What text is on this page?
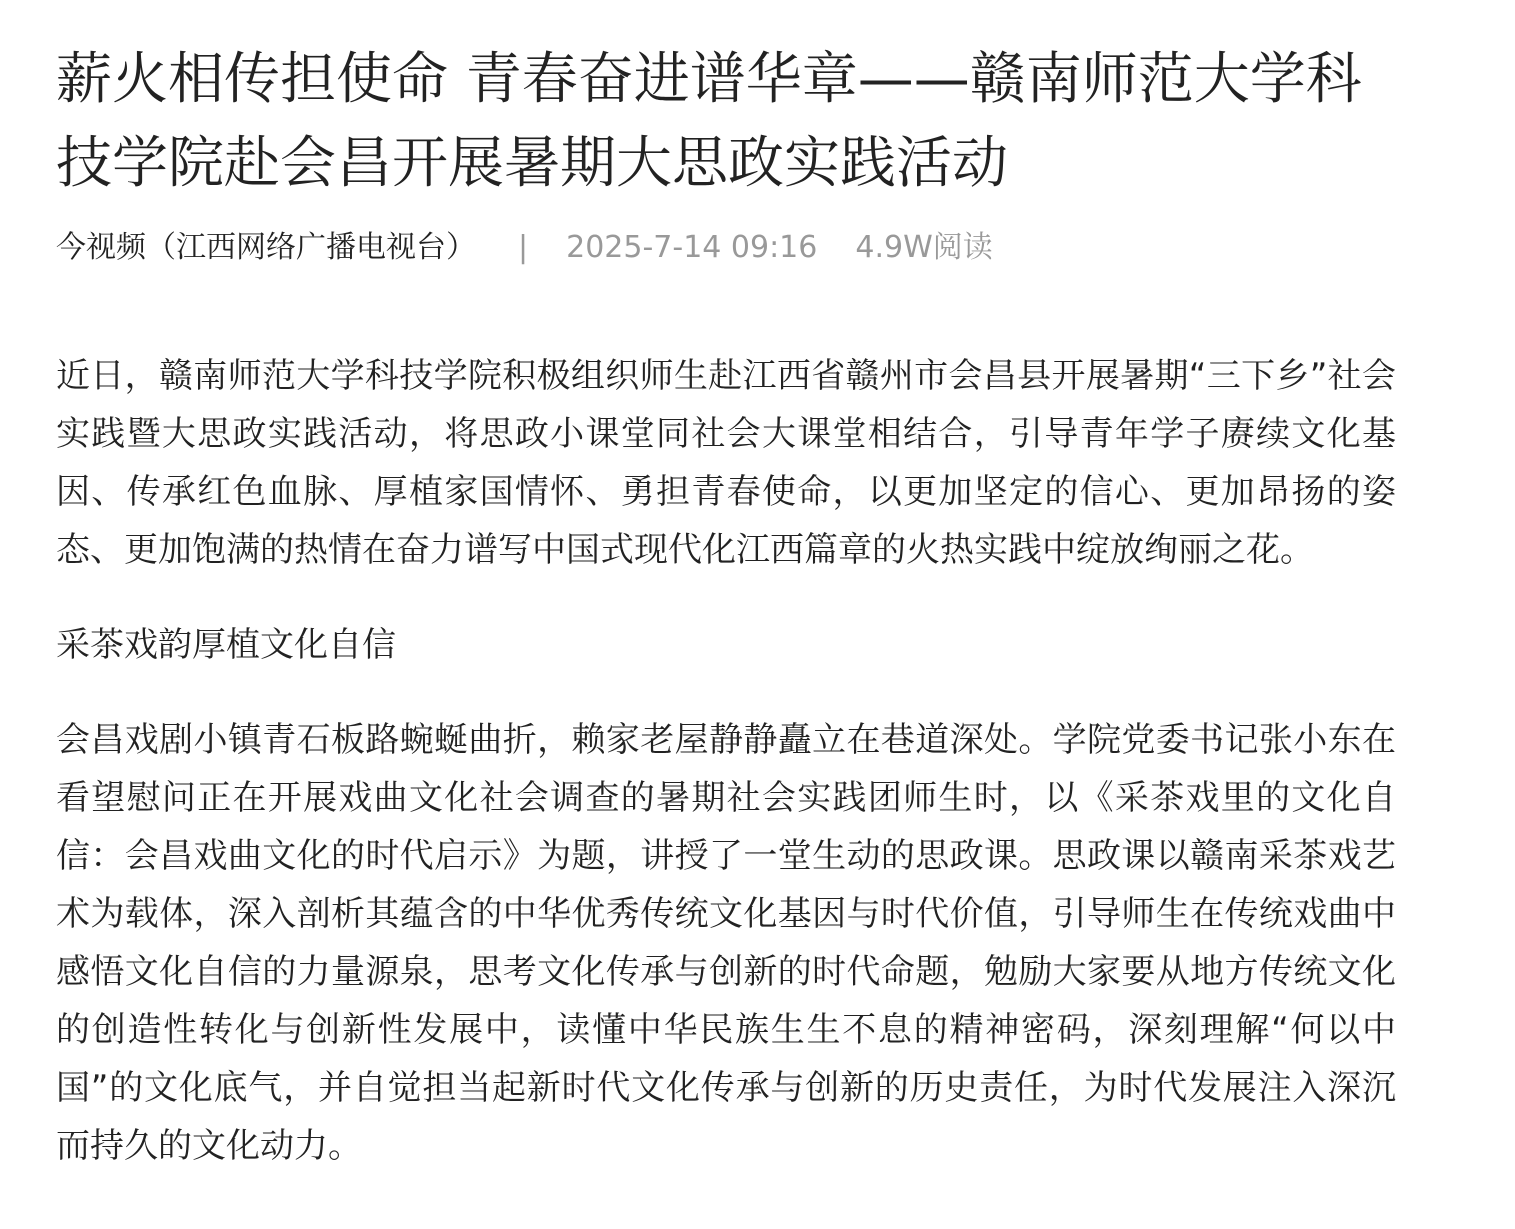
薪火相传担使命 青春奋进谱华章——赣南师范大学科技学院赴会昌开展暑期大思政实践活动
今视频（江西网络广播电视台） | 2025-7-14 09:16 4.9W阅读

近日，赣南师范大学科技学院积极组织师生赴江西省赣州市会昌县开展暑期“三下乡”社会实践暨大思政实践活动，将思政小课堂同社会大课堂相结合，引导青年学子赓续文化基因、传承红色血脉、厚植家国情怀、勇担青春使命，以更加坚定的信心、更加昂扬的姿态、更加饱满的热情在奋力谱写中国式现代化江西篇章的火热实践中绽放绚丽之花。

采茶戏韵厚植文化自信

会昌戏剧小镇青石板路蜿蜒曲折，赖家老屋静静矗立在巷道深处。学院党委书记张小东在看望慰问正在开展戏曲文化社会调查的暑期社会实践团师生时，以《采茶戏里的文化自信：会昌戏曲文化的时代启示》为题，讲授了一堂生动的思政课。思政课以赣南采茶戏艺术为载体，深入剖析其蕴含的中华优秀传统文化基因与时代价值，引导师生在传统戏曲中感悟文化自信的力量源泉，思考文化传承与创新的时代命题，勉励大家要从地方传统文化的创造性转化与创新性发展中，读懂中华民族生生不息的精神密码，深刻理解“何以中国”的文化底气，并自觉担当起新时代文化传承与创新的历史责任，为时代发展注入深沉而持久的文化动力。
